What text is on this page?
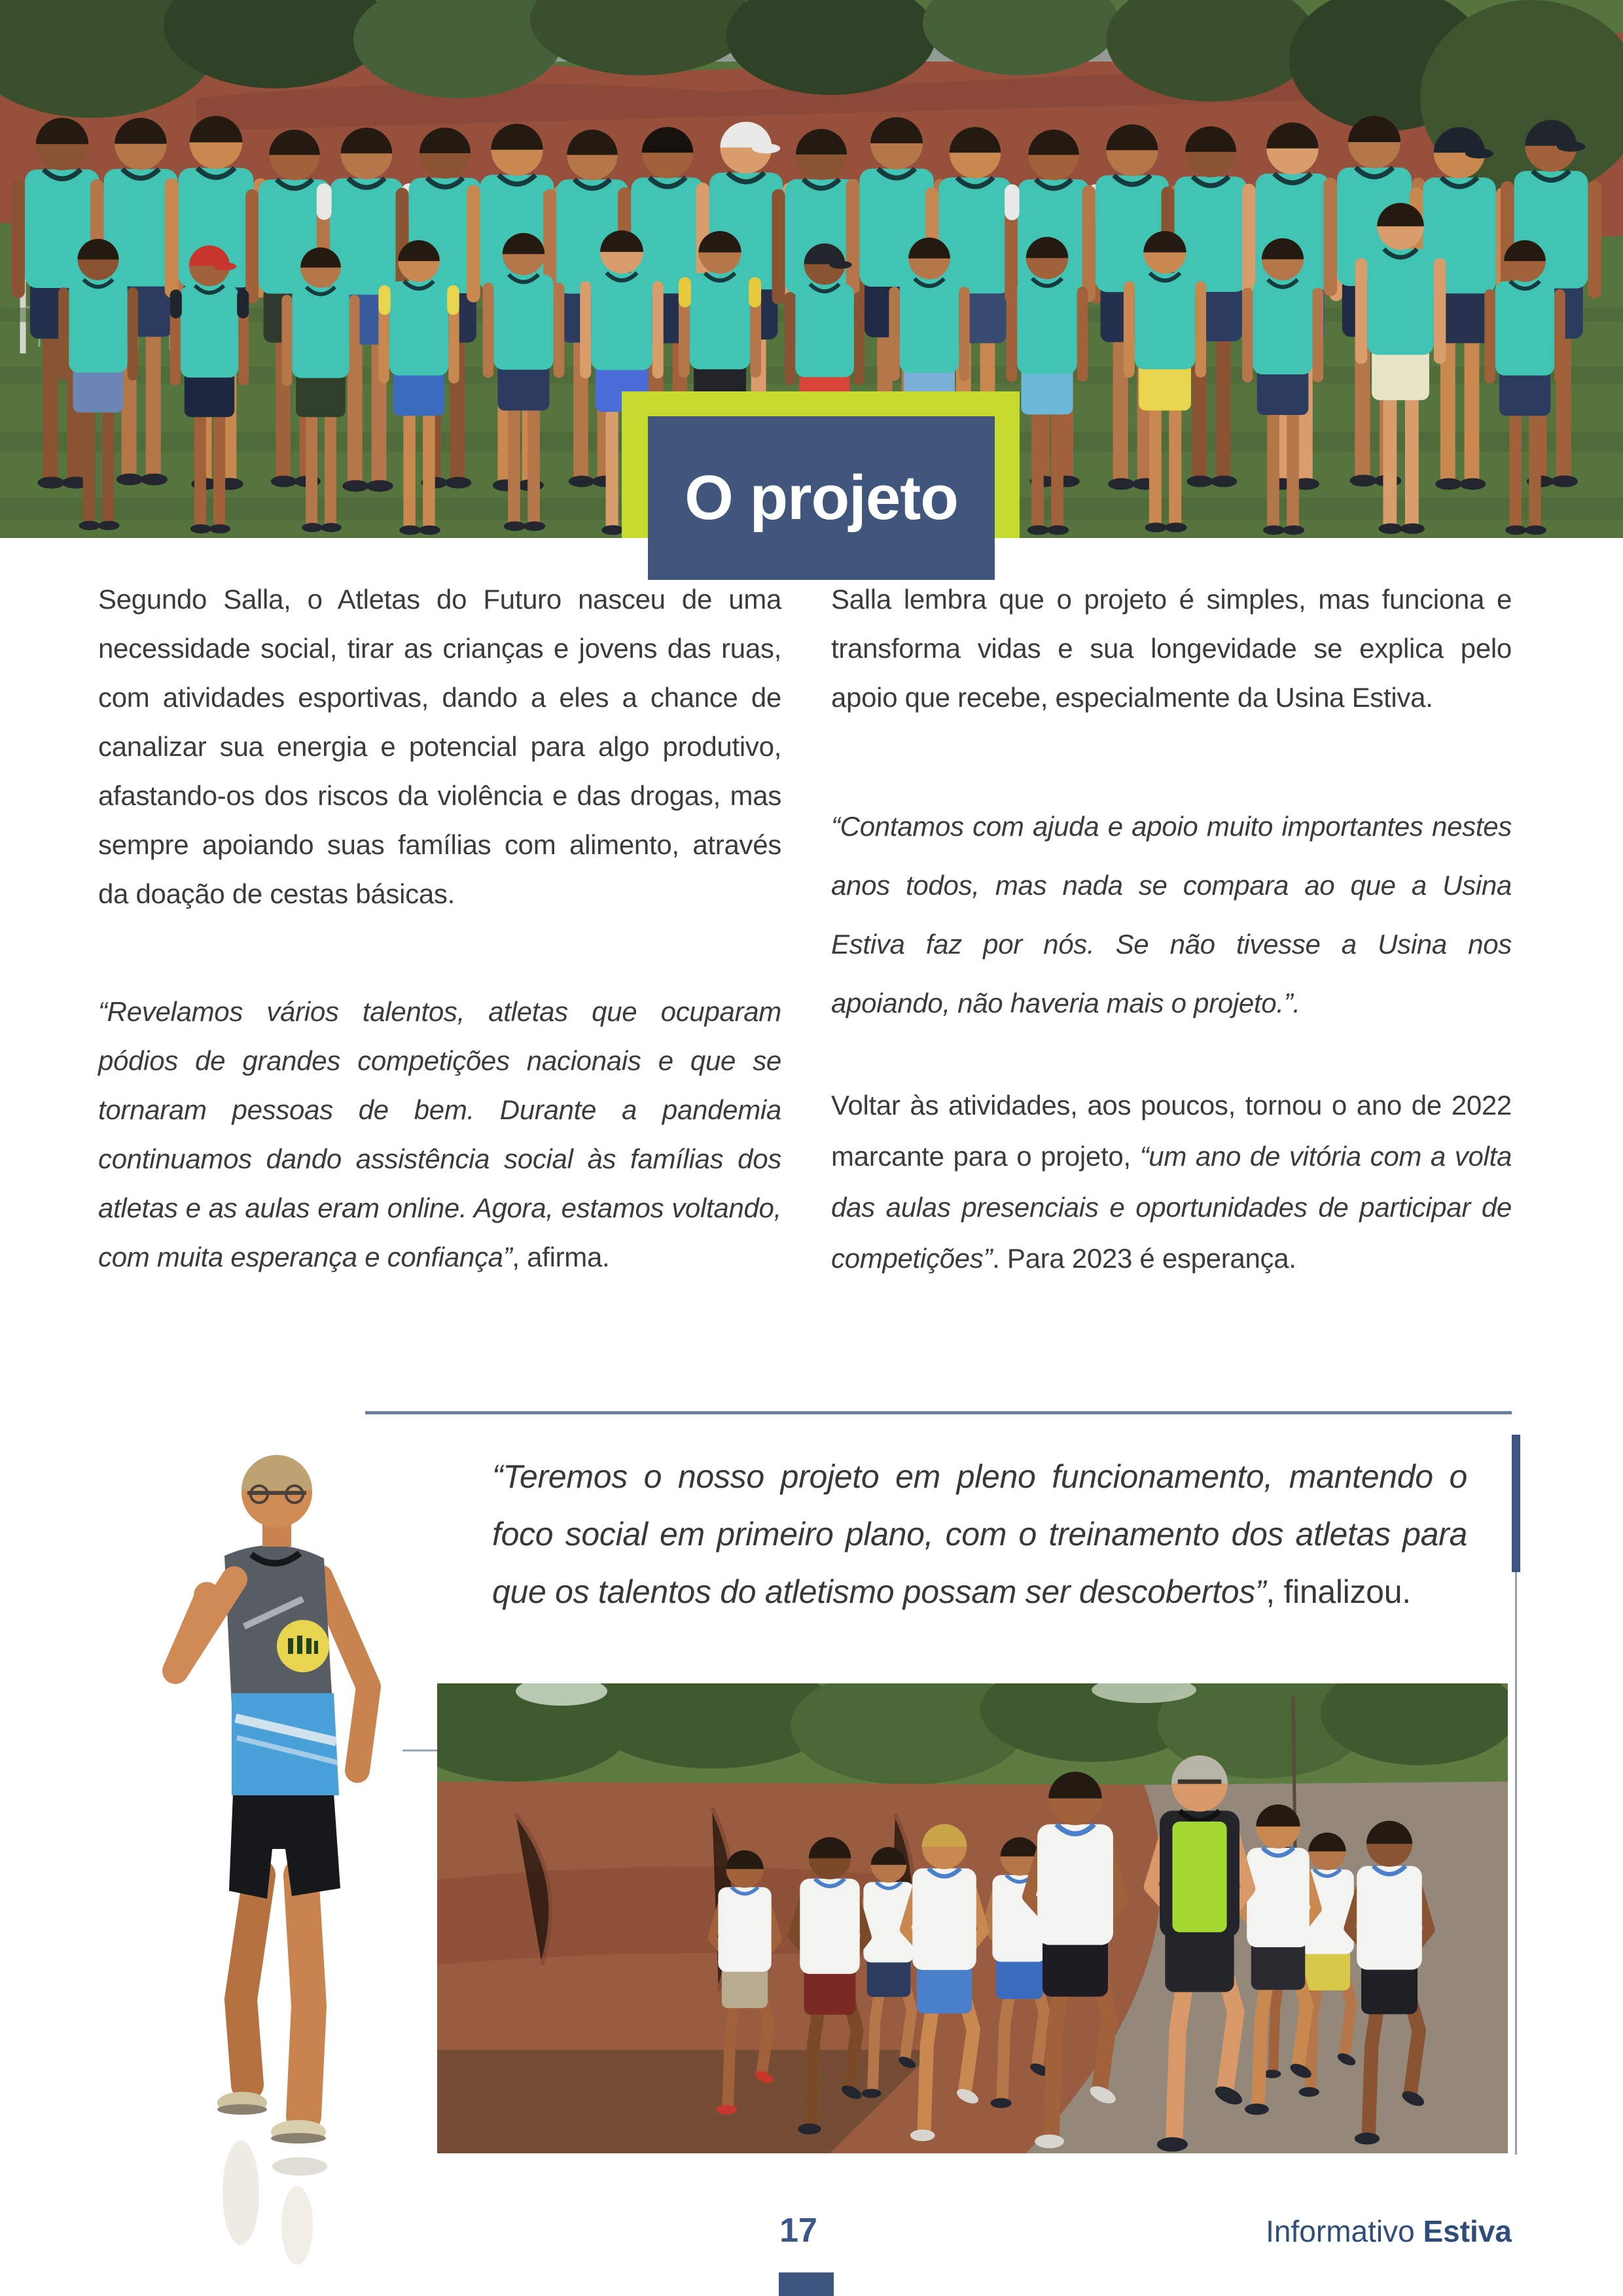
O projeto

Segundo Salla, o Atletas do Futuro nasceu de uma necessidade social, tirar as crianças e jovens das ruas, com atividades esportivas, dando a eles a chance de canalizar sua energia e potencial para algo produtivo, afastando-os dos riscos da violência e das drogas, mas sempre apoiando suas famílias com alimento, através da doação de cestas básicas.

“Revelamos vários talentos, atletas que ocuparam pódios de grandes competições nacionais e que se tornaram pessoas de bem. Durante a pandemia continuamos dando assistência social às famílias dos atletas e as aulas eram online. Agora, estamos voltando, com muita esperança e confiança”, afirma.

Salla lembra que o projeto é simples, mas funciona e transforma vidas e sua longevidade se explica pelo apoio que recebe, especialmente da Usina Estiva.

“Contamos com ajuda e apoio muito importantes nestes anos todos, mas nada se compara ao que a Usina Estiva faz por nós. Se não tivesse a Usina nos apoiando, não haveria mais o projeto.”.

Voltar às atividades, aos poucos, tornou o ano de 2022 marcante para o projeto, “um ano de vitória com a volta das aulas presenciais e oportunidades de participar de competições”. Para 2023 é esperança.

“Teremos o nosso projeto em pleno funcionamento, mantendo o foco social em primeiro plano, com o treinamento dos atletas para que os talentos do atletismo possam ser descobertos”, finalizou.
17	Informativo Estiva
